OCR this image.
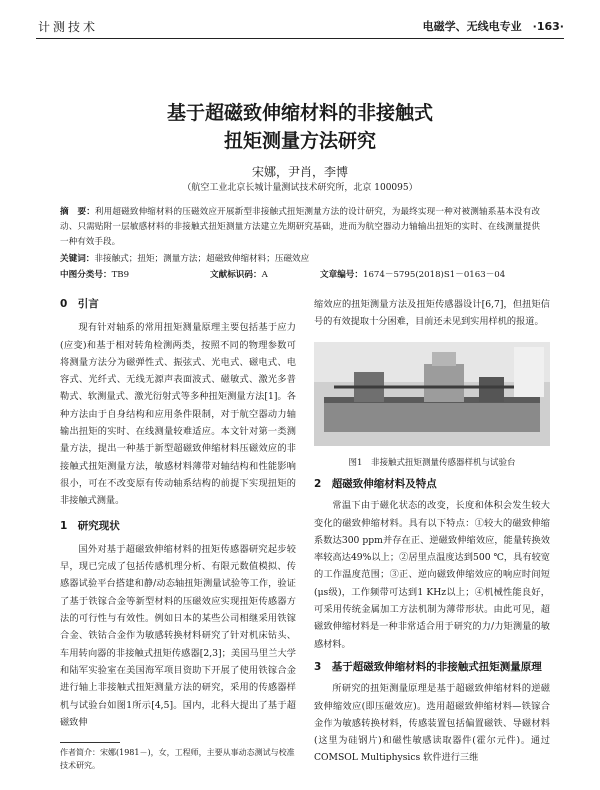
计测技术	电磁学、无线电专业　·163·
基于超磁致伸缩材料的非接触式
扭矩测量方法研究
宋娜，尹肖，李博
（航空工业北京长城计量测试技术研究所，北京 100095）
摘　要：利用超磁致伸缩材料的压磁效应开展新型非接触式扭矩测量方法的设计研究，为最终实现一种对被测轴系基本没有改动、只需贴附一层敏感材料的非接触式扭矩测量方法建立先期研究基础，进而为航空器动力轴输出扭矩的实时、在线测量提供一种有效手段。
关键词：非接触式；扭矩；测量方法；超磁致伸缩材料；压磁效应
中图分类号：TB9	文献标识码：A	文章编号：1674－5795(2018)S1－0163－04
0　引言
现有针对轴系的常用扭矩测量原理主要包括基于应力(应变)和基于相对转角检测两类，按照不同的物理参数可将测量方法分为磁弹性式、振弦式、光电式、磁电式、电容式、光纤式、无线无源声表面波式、磁敏式、激光多普勒式、软测量式、激光衍射式等多种扭矩测量方法[1]。各种方法由于自身结构和应用条件限制，对于航空器动力轴输出扭矩的实时、在线测量较难适应。本文针对第一类测量方法，提出一种基于新型超磁致伸缩材料压磁效应的非接触式扭矩测量方法，敏感材料薄带对轴结构和性能影响很小，可在不改变原有传动轴系结构的前提下实现扭矩的非接触式测量。
1　研究现状
国外对基于超磁致伸缩材料的扭矩传感器研究起步较早，现已完成了包括传感机理分析、有限元数值模拟、传感器试验平台搭建和静/动态轴扭矩测量试验等工作，验证了基于铁镓合金等新型材料的压磁效应实现扭矩传感器方法的可行性与有效性。例如日本的某些公司相继采用铁镓合金、铁钴合金作为敏感转换材料研究了针对机床钻头、车用转向器的非接触式扭矩传感器[2,3]；美国马里兰大学和陆军实验室在美国海军项目资助下开展了使用铁镓合金进行轴上非接触式扭矩测量方法的研究，采用的传感器样机与试验台如图1所示[4,5]。国内，北科大提出了基于超磁致伸
缩效应的扭矩测量方法及扭矩传感器设计[6,7]，但扭矩信号的有效提取十分困难，目前还未见到实用样机的报道。
图1　非接触式扭矩测量传感器样机与试验台
2　超磁致伸缩材料及特点
常温下由于磁化状态的改变，长度和体积会发生较大变化的磁致伸缩材料。具有以下特点：①较大的磁致伸缩系数达300 ppm并存在正、逆磁致伸缩效应，能量转换效率较高达49%以上；②居里点温度达到500 ℃，具有较宽的工作温度范围；③正、逆向磁致伸缩效应的响应时间短(μs级)，工作频带可达到1 KHz以上；④机械性能良好，可采用传统金属加工方法机制为薄带形状。由此可见，超磁致伸缩材料是一种非常适合用于研究的力/力矩测量的敏感材料。
3　基于超磁致伸缩材料的非接触式扭矩测量原理
所研究的扭矩测量原理是基于超磁致伸缩材料的逆磁致伸缩效应(即压磁效应)。选用超磁致伸缩材料—铁镓合金作为敏感转换材料，传感装置包括偏置磁铁、导磁材料(这里为硅钢片)和磁性敏感读取器件(霍尔元件)。通过 COMSOL Multiphysics 软件进行三维
作者简介：宋娜(1981－)，女，工程师，主要从事动态测试与校准技术研究。
